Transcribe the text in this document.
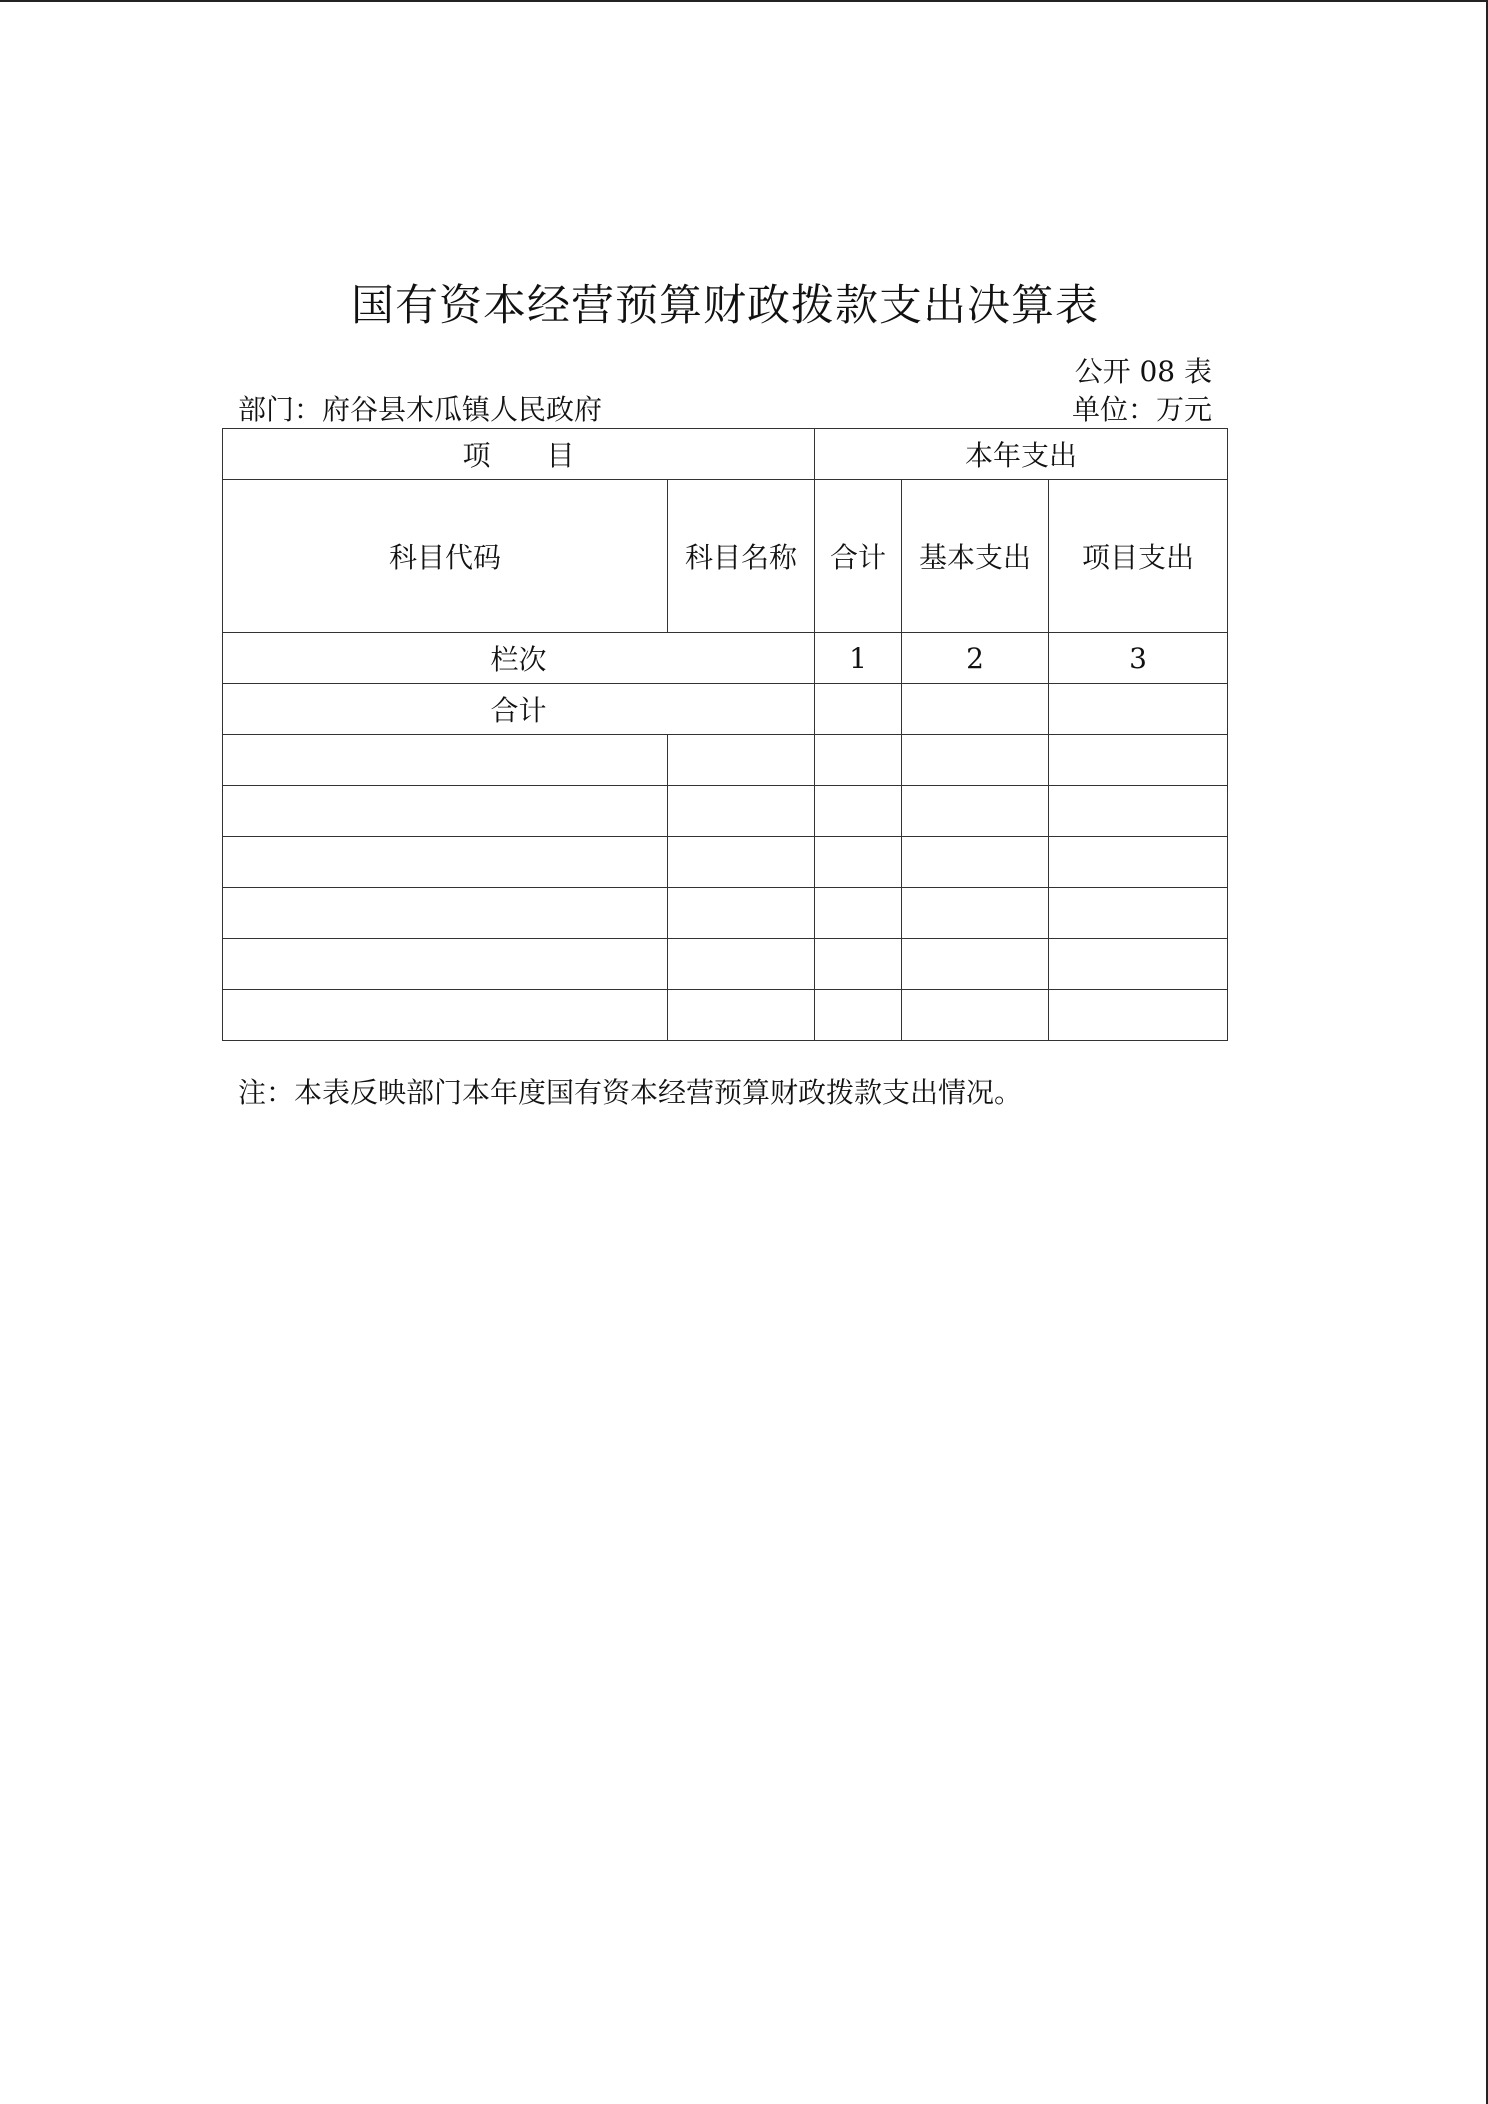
国有资本经营预算财政拨款支出决算表
公开 08 表
部门：府谷县木瓜镇人民政府	单位：万元
项　　目		本年支出		
科目代码	科目名称	合计	基本支出	项目支出
栏次		1	2	3
合计				

注：本表反映部门本年度国有资本经营预算财政拨款支出情况。
